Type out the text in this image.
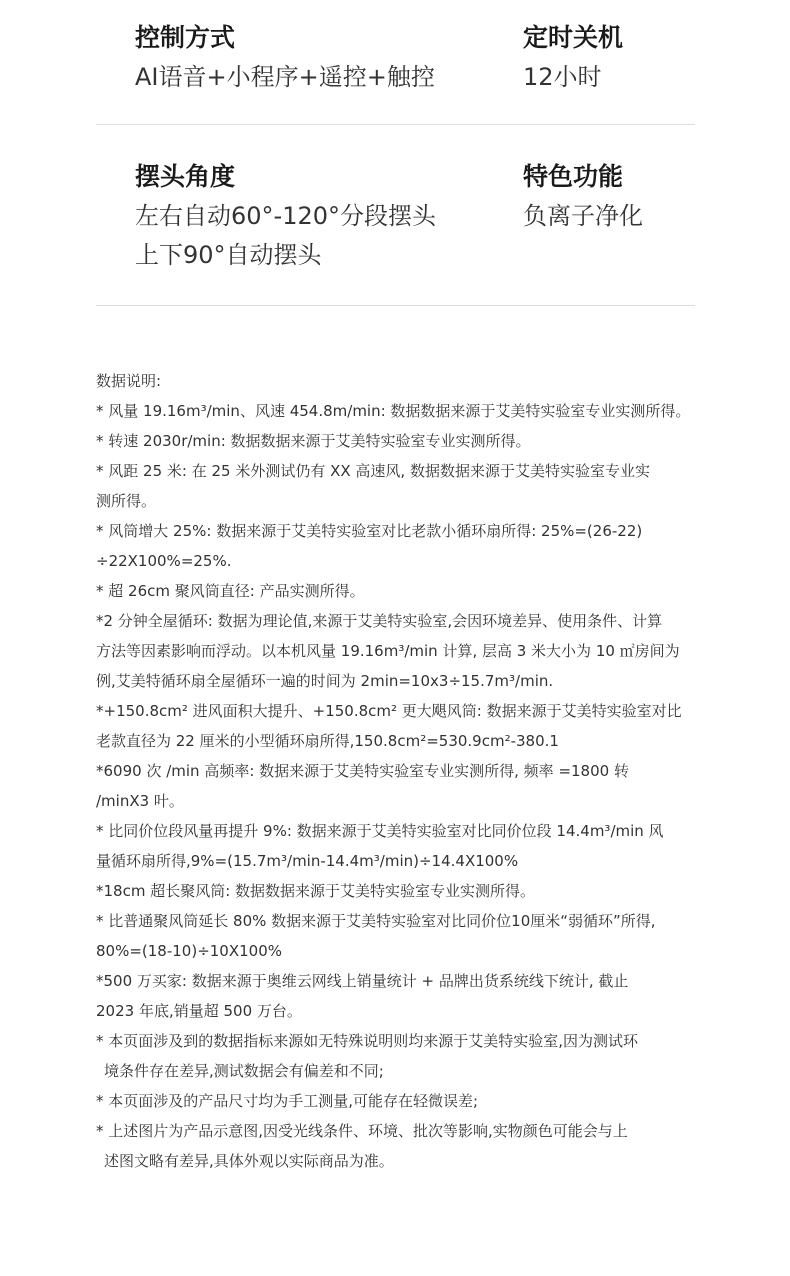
控制方式
AI语音+小程序+遥控+触控
定时关机
12小时
摆头角度
左右自动60°-120°分段摆头
上下90°自动摆头
特色功能
负离子净化
数据说明:
* 风量 19.16m³/min、风速 454.8m/min: 数据数据来源于艾美特实验室专业实测所得。
* 转速 2030r/min: 数据数据来源于艾美特实验室专业实测所得。
* 风距 25 米: 在 25 米外测试仍有 XX 高速风, 数据数据来源于艾美特实验室专业实
测所得。
* 风筒增大 25%: 数据来源于艾美特实验室对比老款小循环扇所得: 25%=(26-22)
÷22X100%=25%.
* 超 26cm 聚风筒直径: 产品实测所得。
*2 分钟全屋循环: 数据为理论值,来源于艾美特实验室,会因环境差异、使用条件、计算
方法等因素影响而浮动。以本机风量 19.16m³/min 计算, 层高 3 米大小为 10 ㎡房间为
例,艾美特循环扇全屋循环一遍的时间为 2min=10x3÷15.7m³/min.
*+150.8cm² 进风面积大提升、+150.8cm² 更大飓风筒: 数据来源于艾美特实验室对比
老款直径为 22 厘米的小型循环扇所得,150.8cm²=530.9cm²-380.1
*6090 次 /min 高频率: 数据来源于艾美特实验室专业实测所得, 频率 =1800 转
/minX3 叶。
* 比同价位段风量再提升 9%: 数据来源于艾美特实验室对比同价位段 14.4m³/min 风
量循环扇所得,9%=(15.7m³/min-14.4m³/min)÷14.4X100%
*18cm 超长聚风筒: 数据数据来源于艾美特实验室专业实测所得。
* 比普通聚风筒延长 80% 数据来源于艾美特实验室对比同价位10厘米“弱循环”所得,
80%=(18-10)÷10X100%
*500 万买家: 数据来源于奥维云网线上销量统计 + 品牌出货系统线下统计, 截止
2023 年底,销量超 500 万台。
* 本页面涉及到的数据指标来源如无特殊说明则均来源于艾美特实验室,因为测试环
境条件存在差异,测试数据会有偏差和不同;
* 本页面涉及的产品尺寸均为手工测量,可能存在轻微误差;
* 上述图片为产品示意图,因受光线条件、环境、批次等影响,实物颜色可能会与上
述图文略有差异,具体外观以实际商品为准。
